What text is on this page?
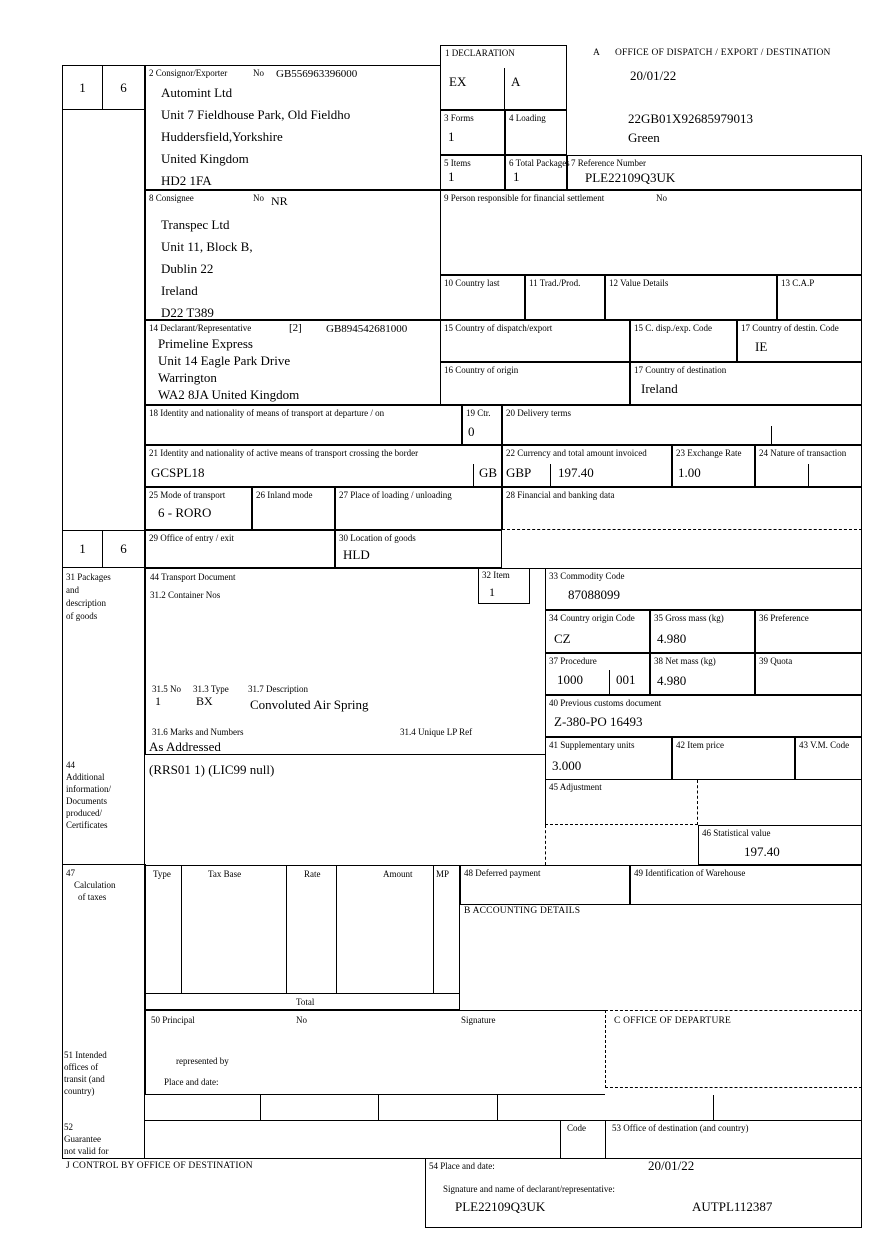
1	6
1 DECLARATION
EX	A
A      OFFICE OF DISPATCH / EXPORT / DESTINATION
20/01/22
22GB01X92685979013
Green
2 Consignor/Exporter	No GB556963396000
Automint Ltd
Unit 7 Fieldhouse Park, Old Fieldho
Huddersfield,Yorkshire
United Kingdom
HD2 1FA
3 Forms
1
4 Loading
5 Items
1
6 Total Packages
1
7 Reference Number
PLE22109Q3UK
8 Consignee	No NR
Transpec Ltd
Unit 11, Block B,
Dublin 22
Ireland
D22 T389
9 Person responsible for financial settlement	No
10 Country last	11 Trad./Prod.	12 Value Details	13 C.A.P
14 Declarant/Representative	[2] GB894542681000
Primeline Express
Unit 14 Eagle Park Drive
Warrington
WA2 8JA United Kingdom
15 Country of dispatch/export	15 C. disp./exp. Code	17 Country of destin. Code
IE
16 Country of origin	17 Country of destination
Ireland
18 Identity and nationality of means of transport at departure / on	19 Ctr.
0
20 Delivery terms
21 Identity and nationality of active means of transport crossing the border
GCSPL18	GB
22 Currency and total amount invoiced
GBP 197.40
23 Exchange Rate
1.00
24 Nature of transaction
25 Mode of transport
6 - RORO
26 Inland mode	27 Place of loading / unloading	28 Financial and banking data
1	6
29 Office of entry / exit	30 Location of goods
HLD
31 Packages
and
description
of goods
44
Additional
information/
Documents
produced/
Certificates
44 Transport Document
31.2 Container Nos
32 Item
1
31.5 No
1
31.3 Type
BX
31.7 Description
Convoluted Air Spring
31.6 Marks and Numbers	31.4 Unique LP Ref
As Addressed
(RRS01 1) (LIC99 null)
33 Commodity Code
87088099
34 Country origin Code
CZ
35 Gross mass (kg)
4.980
36 Preference
37 Procedure
1000	001
38 Net mass (kg)
4.980
39 Quota
40 Previous customs document
Z-380-PO 16493
41 Supplementary units
3.000
42 Item price	43 V.M. Code
45 Adjustment
46 Statistical value
197.40
47
Calculation
of taxes
Type	Tax Base	Rate	Amount	MP
Total
48 Deferred payment	49 Identification of Warehouse
B ACCOUNTING DETAILS
50 Principal	No	Signature
represented by
Place and date:
C OFFICE OF DEPARTURE
51 Intended
offices of
transit (and
country)
52
Guarantee
not valid for
Code	53 Office of destination (and country)
J CONTROL BY OFFICE OF DESTINATION	54 Place and date:	20/01/22
Signature and name of declarant/representative:
PLE22109Q3UK	AUTPL112387
